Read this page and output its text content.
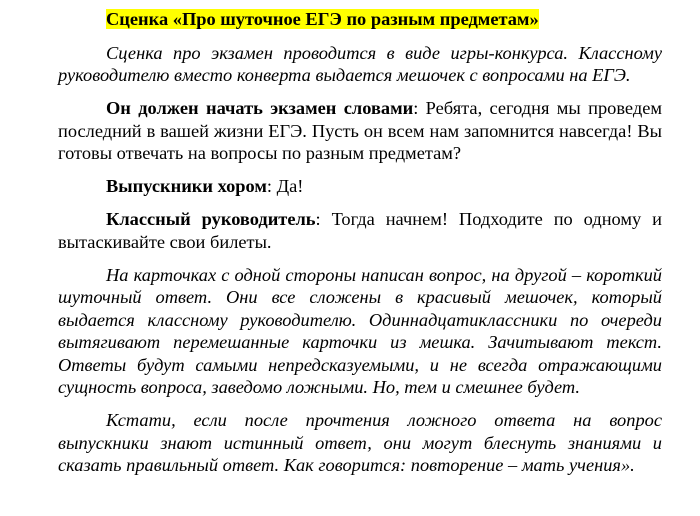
Сценка «Про шуточное ЕГЭ по разным предметам»

Сценка про экзамен проводится в виде игры-конкурса. Классному руководителю вместо конверта выдается мешочек с вопросами на ЕГЭ.

Он должен начать экзамен словами: Ребята, сегодня мы проведем последний в вашей жизни ЕГЭ. Пусть он всем нам запомнится навсегда! Вы готовы отвечать на вопросы по разным предметам?

Выпускники хором: Да!

Классный руководитель: Тогда начнем! Подходите по одному и вытаскивайте свои билеты.

На карточках с одной стороны написан вопрос, на другой – короткий шуточный ответ. Они все сложены в красивый мешочек, который выдается классному руководителю. Одиннадцатиклассники по очереди вытягивают перемешанные карточки из мешка. Зачитывают текст. Ответы будут самыми непредсказуемыми, и не всегда отражающими сущность вопроса, заведомо ложными. Но, тем и смешнее будет.

Кстати, если после прочтения ложного ответа на вопрос выпускники знают истинный ответ, они могут блеснуть знаниями и сказать правильный ответ. Как говорится: повторение – мать учения».
